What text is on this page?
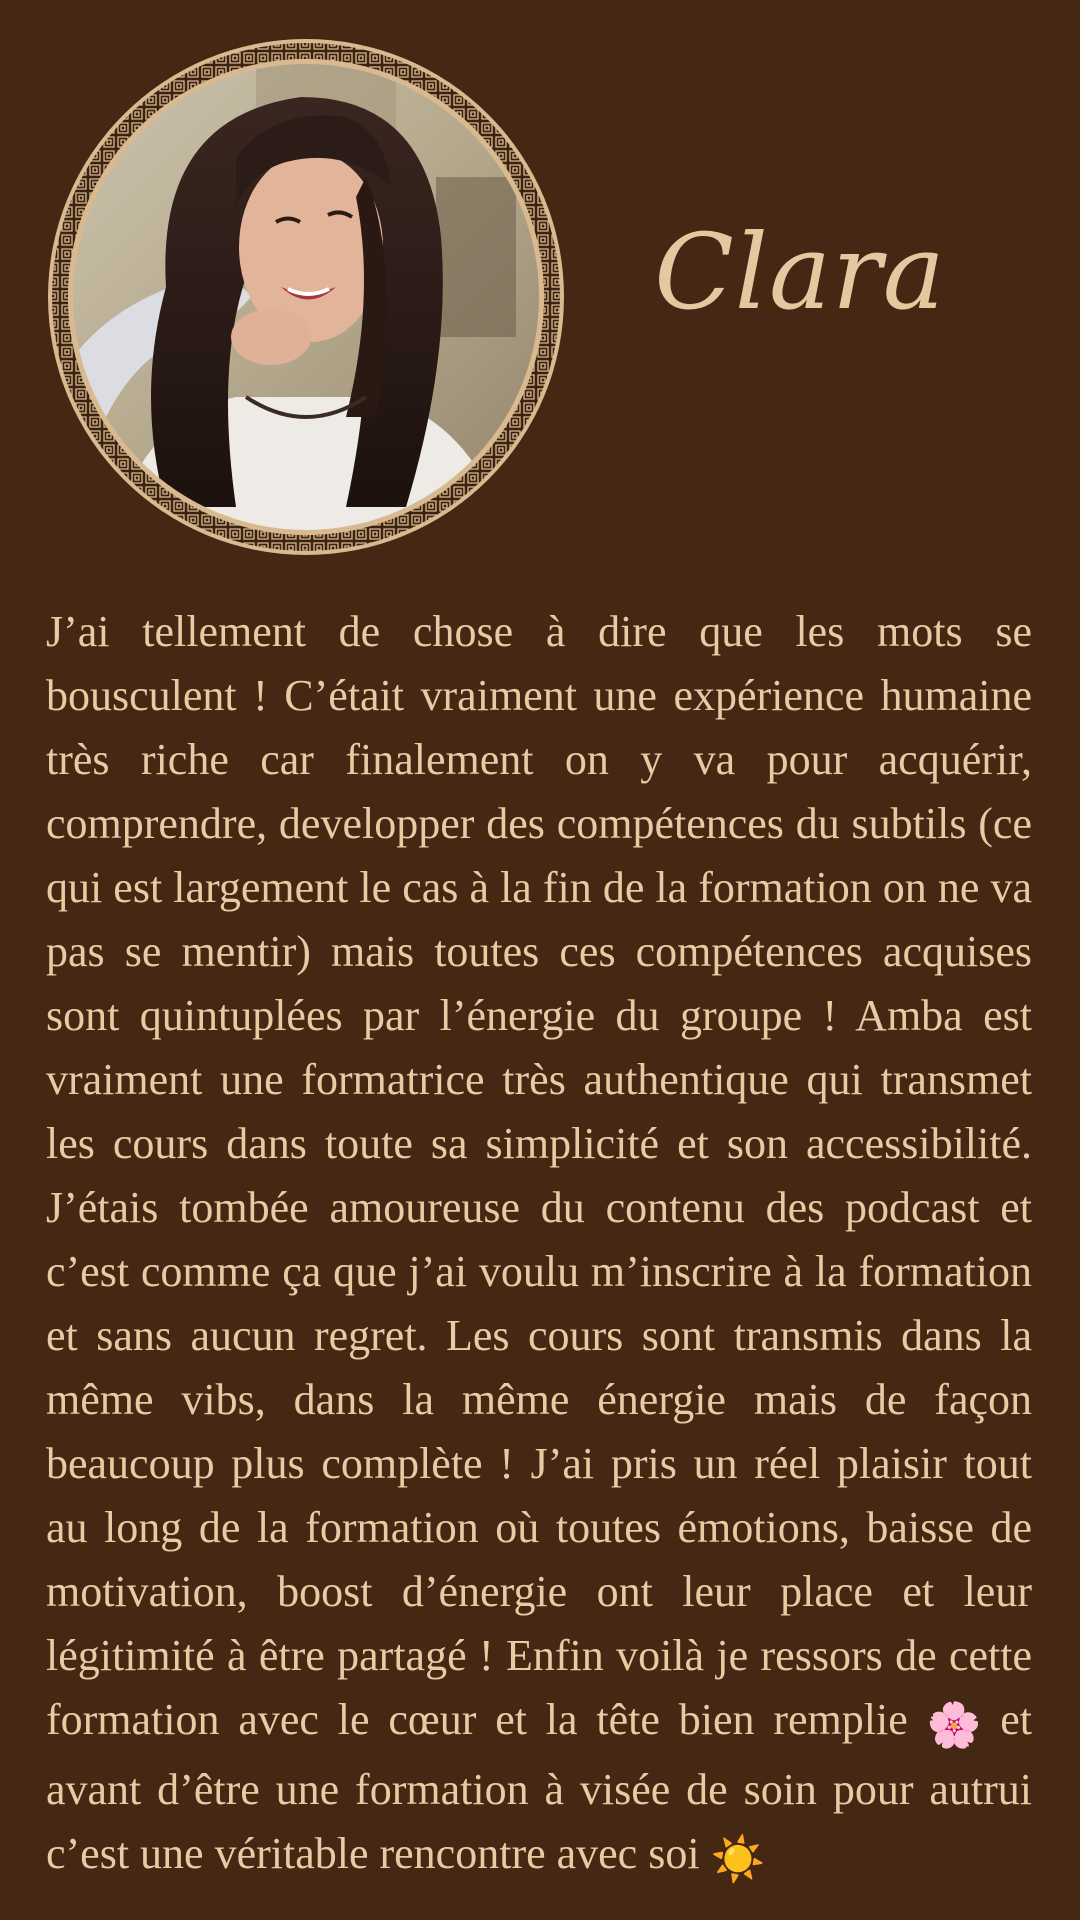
Clara

J’ai tellement de chose à dire que les mots se bousculent ! C’était vraiment une expérience humaine très riche car finalement on y va pour acquérir, comprendre, developper des compétences du subtils (ce qui est largement le cas à la fin de la formation on ne va pas se mentir) mais toutes ces compétences acquises sont quintuplées par l’énergie du groupe ! Amba est vraiment une formatrice très authentique qui transmet les cours dans toute sa simplicité et son accessibilité. J’étais tombée amoureuse du contenu des podcast et c’est comme ça que j’ai voulu m’inscrire à la formation et sans aucun regret. Les cours sont transmis dans la même vibs, dans la même énergie mais de façon beaucoup plus complète ! J’ai pris un réel plaisir tout au long de la formation où toutes émotions, baisse de motivation, boost d’énergie ont leur place et leur légitimité à être partagé ! Enfin voilà je ressors de cette formation avec le cœur et la tête bien remplie 🌸 et avant d’être une formation à visée de soin pour autrui c’est une véritable rencontre avec soi ☀️
